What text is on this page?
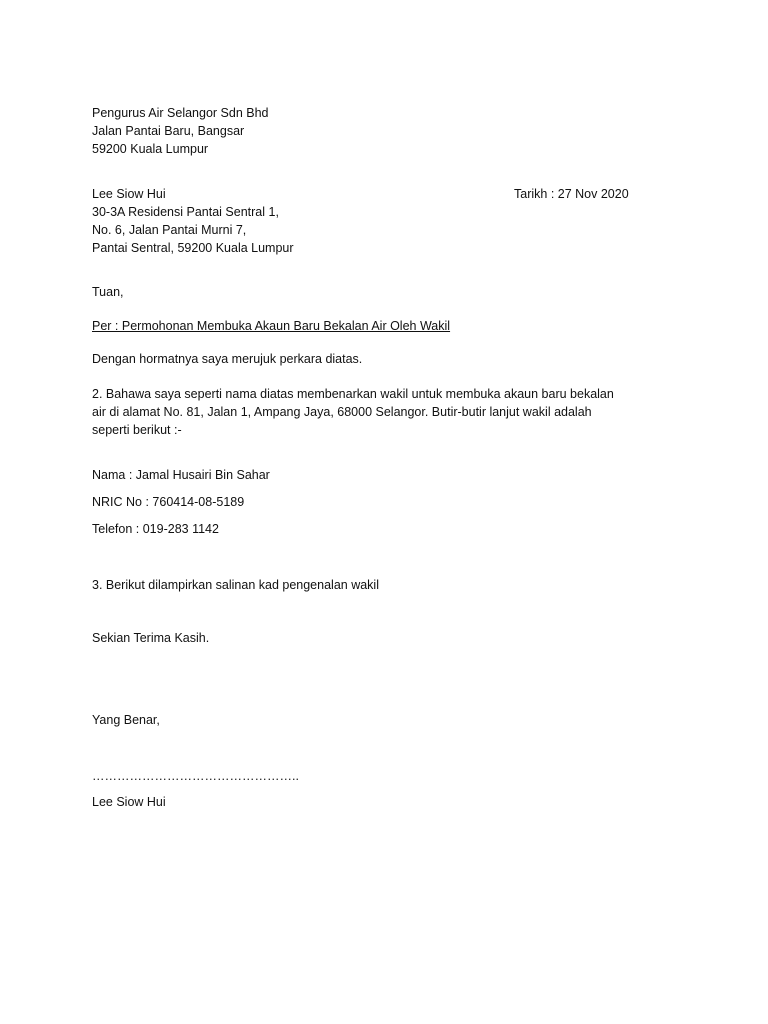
Pengurus Air Selangor Sdn Bhd
Jalan Pantai Baru, Bangsar
59200 Kuala Lumpur
Lee Siow Hui
30-3A Residensi Pantai Sentral 1,
No. 6, Jalan Pantai Murni 7,
Pantai Sentral, 59200 Kuala Lumpur
Tarikh : 27 Nov 2020
Tuan,
Per : Permohonan Membuka Akaun Baru Bekalan Air Oleh Wakil
Dengan hormatnya saya merujuk perkara diatas.
2. Bahawa saya seperti nama diatas membenarkan wakil untuk membuka akaun baru bekalan
air di alamat No. 81, Jalan 1, Ampang Jaya, 68000 Selangor. Butir-butir lanjut wakil adalah
seperti berikut :-
Nama : Jamal Husairi Bin Sahar
NRIC No : 760414-08-5189
Telefon : 019-283 1142
3. Berikut dilampirkan salinan kad pengenalan wakil
Sekian Terima Kasih.
Yang Benar,
…………………………………………..
Lee Siow Hui
